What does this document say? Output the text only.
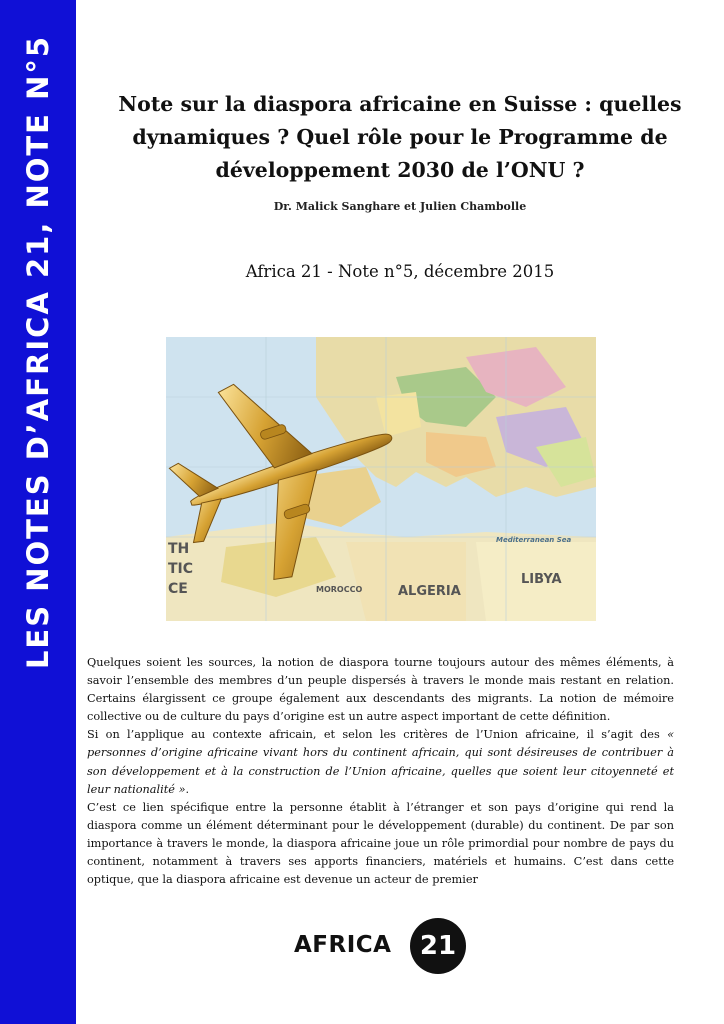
LES NOTES D’AFRICA 21, NOTE N°5	Note sur la diaspora africaine en Suisse : quelles
dynamiques ? Quel rôle pour le Programme de
développement 2030 de l’ONU ?
Dr. Malick Sanghare et Julien Chambolle
Africa 21 - Note n°5, décembre 2015
ALGERIA
LIBYA
MOROCCO
TH
TIC
CE
Mediterranean Sea

Quelques soient les sources, la notion de diaspora tourne toujours autour des mêmes éléments, à savoir l’ensemble des membres d’un peuple dispersés à travers le monde mais restant en relation. Certains élargissent ce groupe également aux descendants des migrants. La notion de mémoire collective ou de culture du pays d’origine est un autre aspect important de cette définition.

Si on l’applique au contexte africain, et selon les critères de l’Union africaine, il s’agit des « personnes d’origine africaine vivant hors du continent africain, qui sont désireuses de contribuer à son développement et à la construction de l’Union africaine, quelles que soient leur citoyenneté et leur nationalité ».

C’est ce lien spécifique entre la personne établit à l’étranger et son pays d’origine qui rend la diaspora comme un élément déterminant pour le développement (durable) du continent. De par son importance à travers le monde, la diaspora africaine joue un rôle primordial pour nombre de pays du continent, notamment à travers ses apports financiers, matériels et humains. C’est dans cette optique, que la diaspora africaine est devenue un acteur de premier

AFRICA	21
